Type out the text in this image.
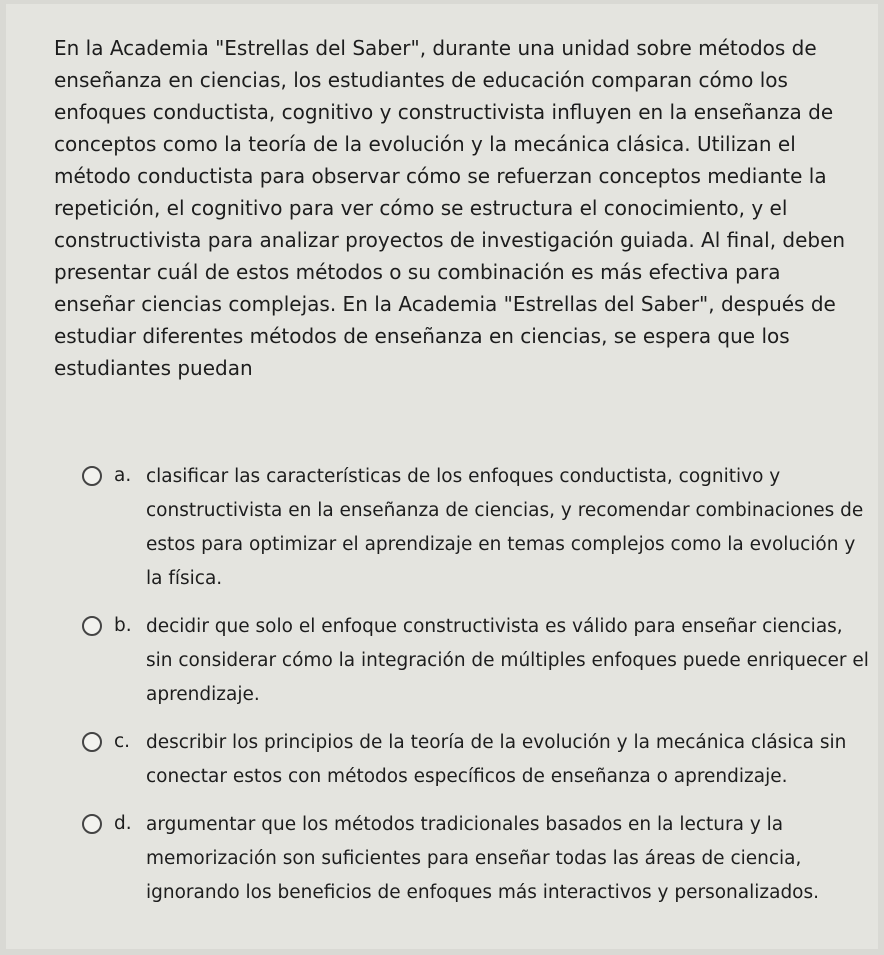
En la Academia "Estrellas del Saber", durante una unidad sobre métodos de enseñanza en ciencias, los estudiantes de educación comparan cómo los enfoques conductista, cognitivo y constructivista influyen en la enseñanza de conceptos como la teoría de la evolución y la mecánica clásica. Utilizan el método conductista para observar cómo se refuerzan conceptos mediante la repetición, el cognitivo para ver cómo se estructura el conocimiento, y el constructivista para analizar proyectos de investigación guiada. Al final, deben presentar cuál de estos métodos o su combinación es más efectiva para enseñar ciencias complejas. En la Academia "Estrellas del Saber", después de estudiar diferentes métodos de enseñanza en ciencias, se espera que los estudiantes puedan

a. clasificar las características de los enfoques conductista, cognitivo y constructivista en la enseñanza de ciencias, y recomendar combinaciones de estos para optimizar el aprendizaje en temas complejos como la evolución y la física.
b. decidir que solo el enfoque constructivista es válido para enseñar ciencias, sin considerar cómo la integración de múltiples enfoques puede enriquecer el aprendizaje.
c. describir los principios de la teoría de la evolución y la mecánica clásica sin conectar estos con métodos específicos de enseñanza o aprendizaje.
d. argumentar que los métodos tradicionales basados en la lectura y la memorización son suficientes para enseñar todas las áreas de ciencia, ignorando los beneficios de enfoques más interactivos y personalizados.
